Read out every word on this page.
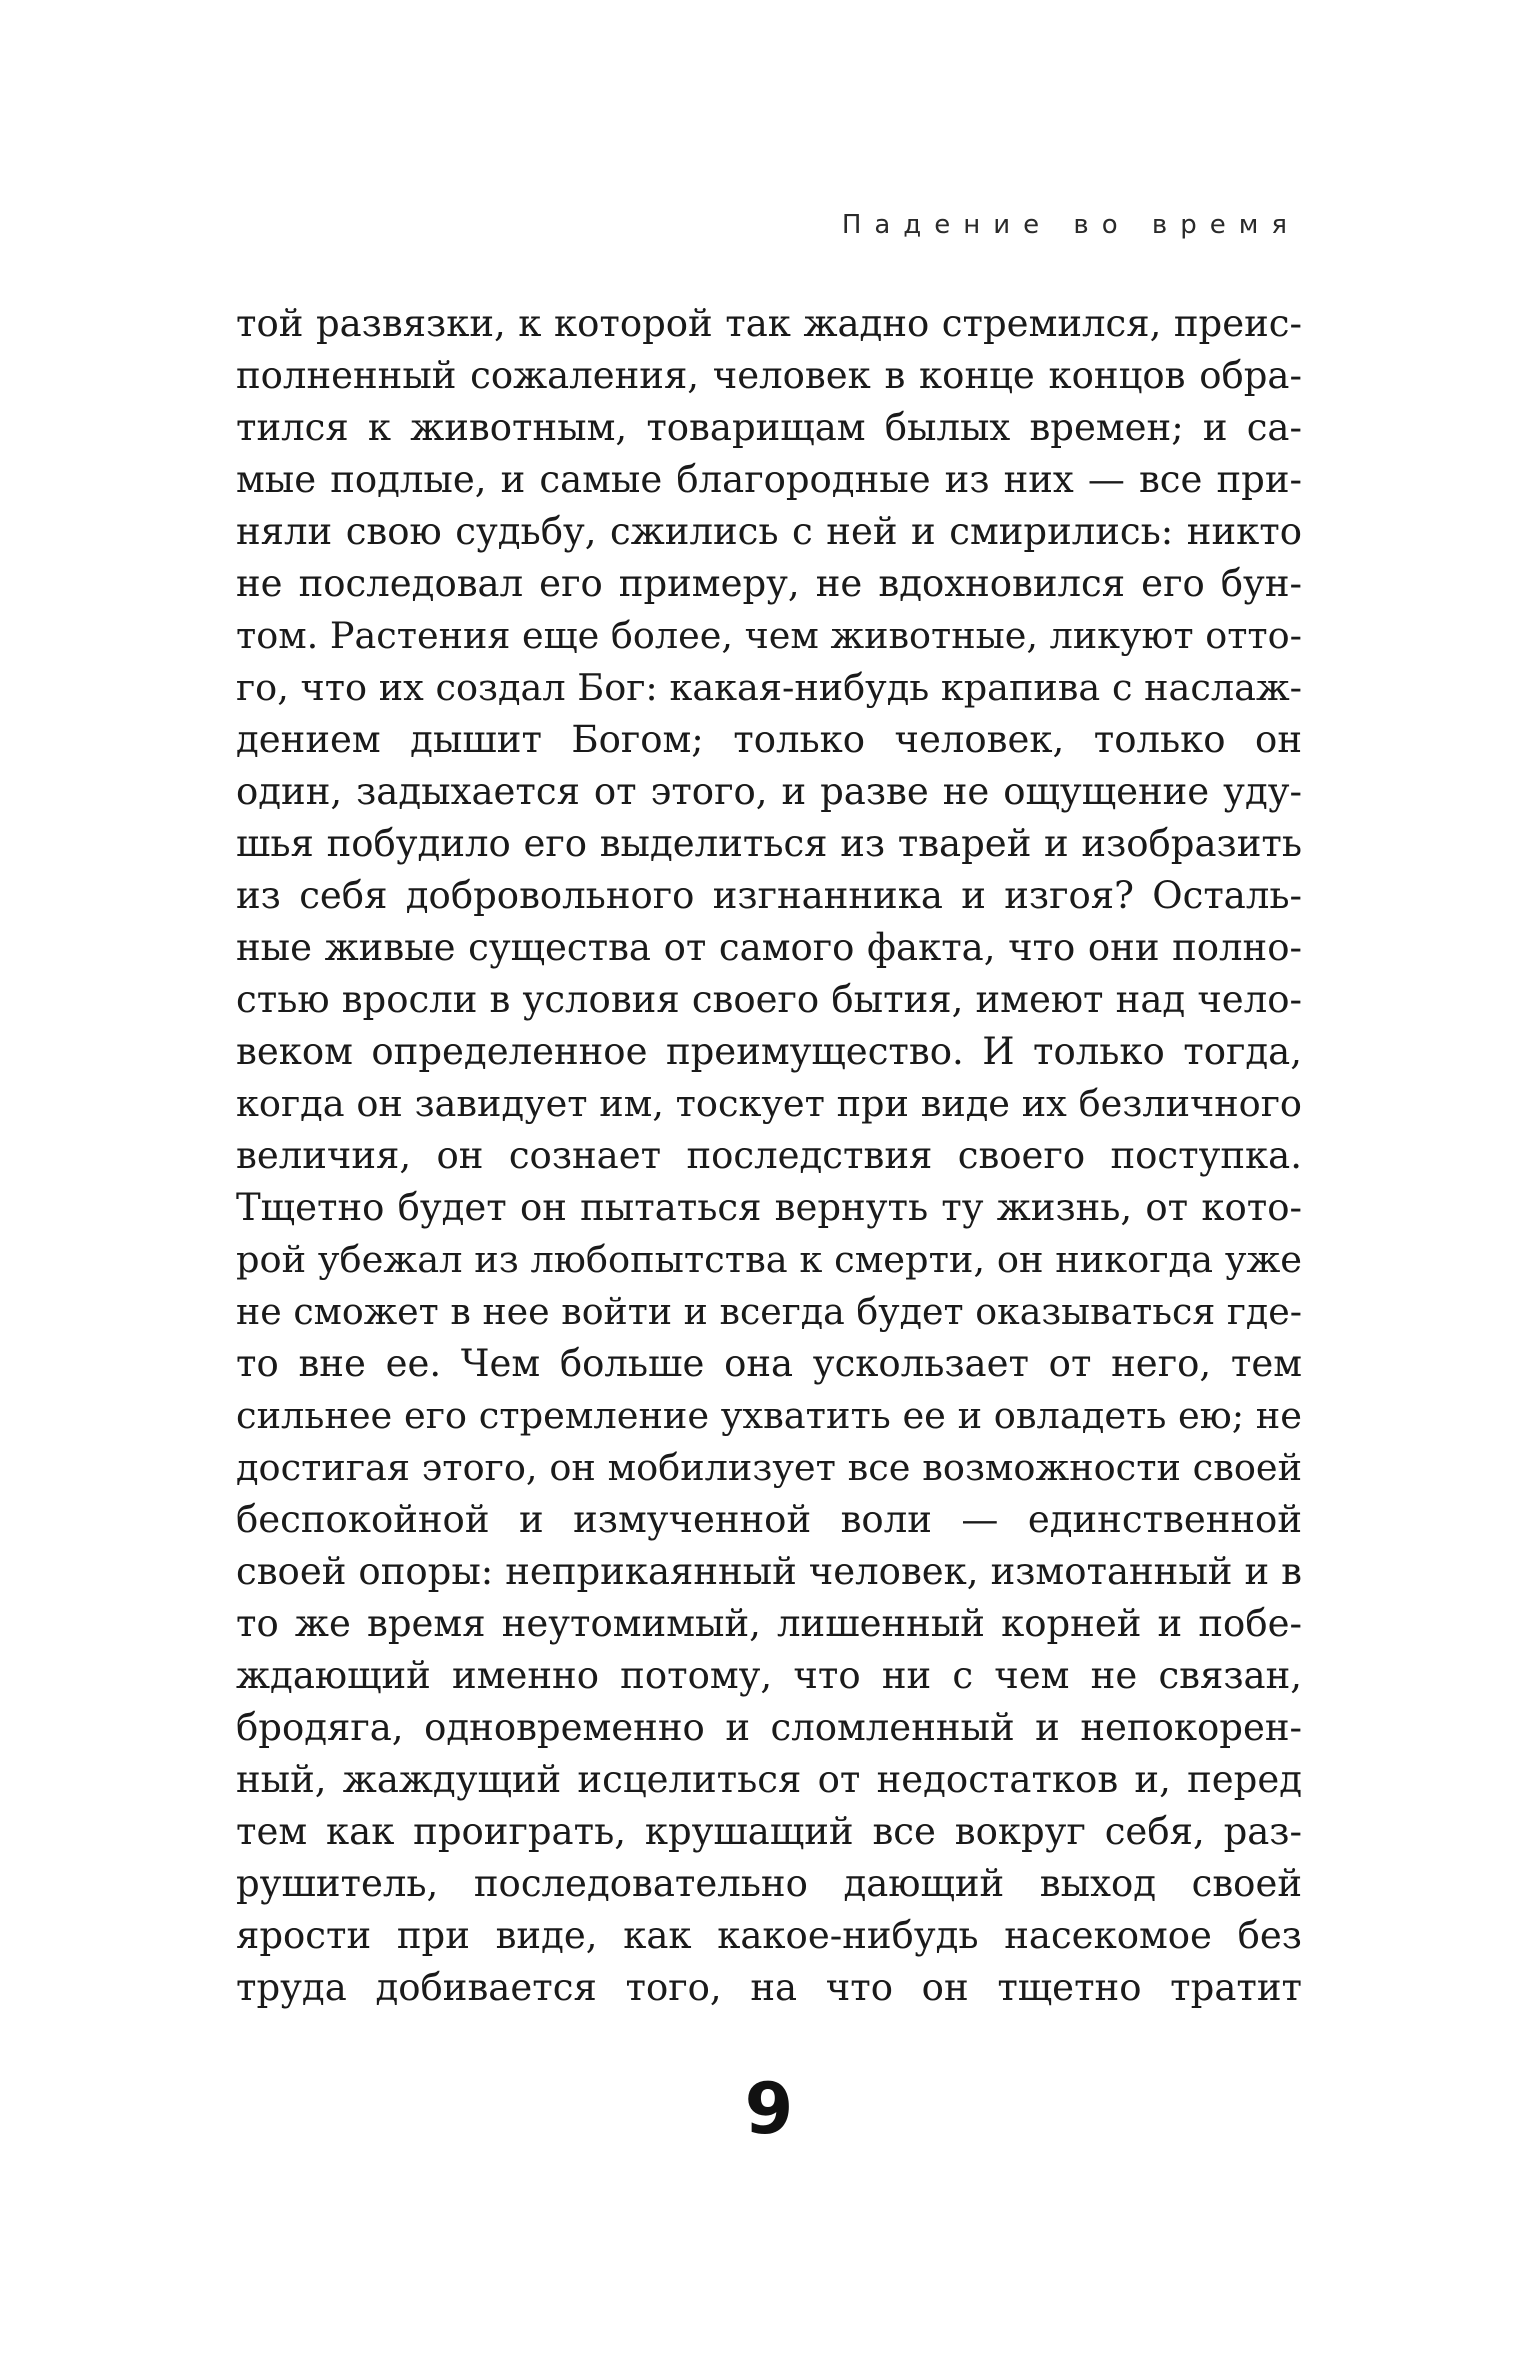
Падение во время
той развязки, к которой так жадно стремился, преис-
полненный сожаления, человек в конце концов обра-
тился к животным, товарищам былых времен; и са-
мые подлые, и самые благородные из них — все при-
няли свою судьбу, сжились с ней и смирились: никто
не последовал его примеру, не вдохновился его бун-
том. Растения еще более, чем животные, ликуют отто-
го, что их создал Бог: какая-нибудь крапива с наслаж-
дением дышит Богом; только человек, только он
один, задыхается от этого, и разве не ощущение уду-
шья побудило его выделиться из тварей и изобразить
из себя добровольного изгнанника и изгоя? Осталь-
ные живые существа от самого факта, что они полно-
стью вросли в условия своего бытия, имеют над чело-
веком определенное преимущество. И только тогда,
когда он завидует им, тоскует при виде их безличного
величия, он сознает последствия своего поступка.
Тщетно будет он пытаться вернуть ту жизнь, от кото-
рой убежал из любопытства к смерти, он никогда уже
не сможет в нее войти и всегда будет оказываться где-
то вне ее. Чем больше она ускользает от него, тем
сильнее его стремление ухватить ее и овладеть ею; не
достигая этого, он мобилизует все возможности своей
беспокойной и измученной воли — единственной
своей опоры: неприкаянный человек, измотанный и в
то же время неутомимый, лишенный корней и побе-
ждающий именно потому, что ни с чем не связан,
бродяга, одновременно и сломленный и непокорен-
ный, жаждущий исцелиться от недостатков и, перед
тем как проиграть, крушащий все вокруг себя, раз-
рушитель, последовательно дающий выход своей
ярости при виде, как какое-нибудь насекомое без
труда добивается того, на что он тщетно тратит
9
